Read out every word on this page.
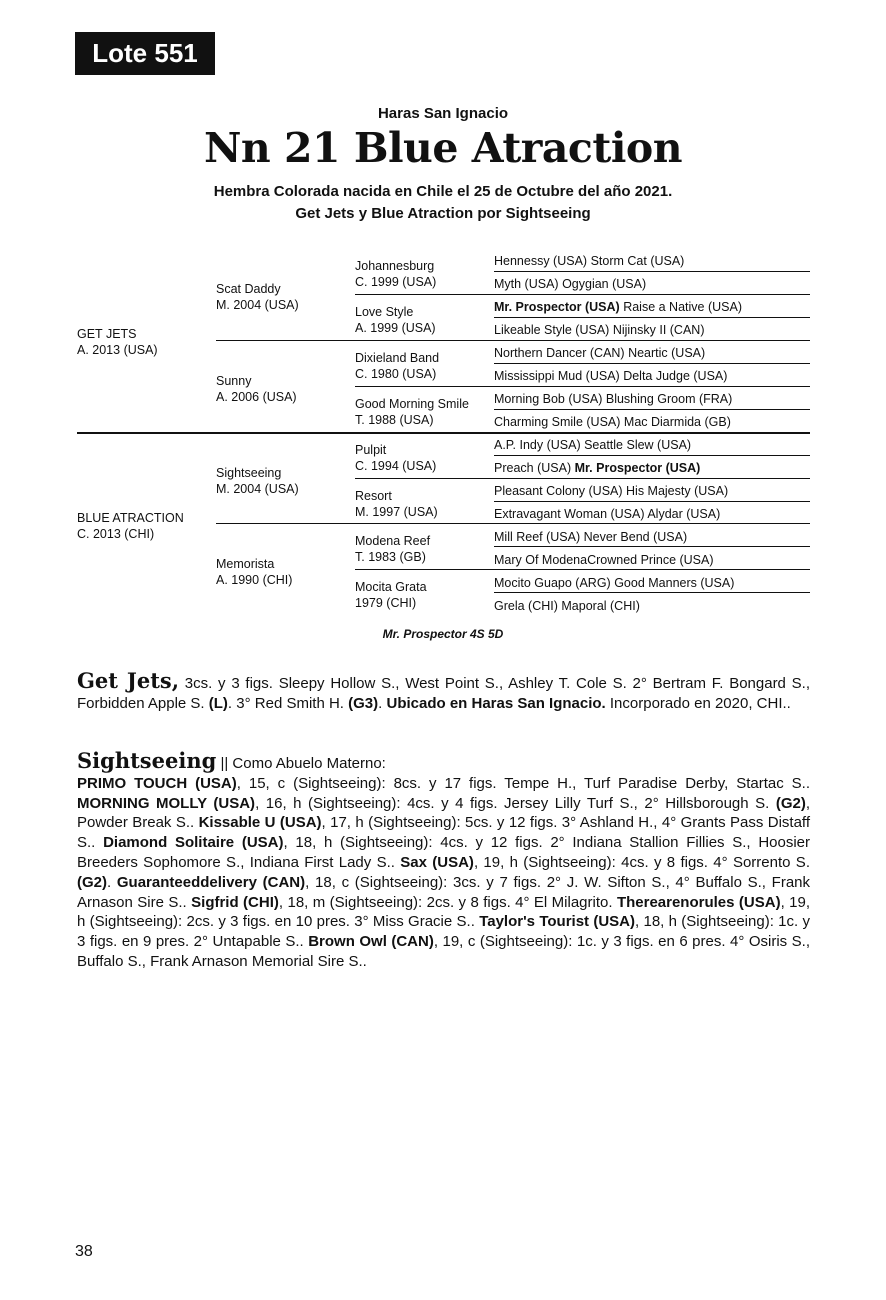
Lote 551
Haras San Ignacio
Nn 21 Blue Atraction
Hembra Colorada nacida en Chile el 25 de Octubre del año 2021.
Get Jets y Blue Atraction por Sightseeing
GET JETS
A. 2013 (USA)
BLUE ATRACTION
C. 2013 (CHI)
Scat Daddy
M. 2004 (USA)
Sunny
A. 2006 (USA)
Sightseeing
M. 2004 (USA)
Memorista
A. 1990 (CHI)
Johannesburg
C. 1999 (USA)
Love Style
A. 1999 (USA)
Dixieland Band
C. 1980 (USA)
Good Morning Smile
T. 1988 (USA)
Pulpit
C. 1994 (USA)
Resort
M. 1997 (USA)
Modena Reef
T. 1983 (GB)
Mocita Grata
1979 (CHI)
Hennessy (USA) Storm Cat (USA)
Myth (USA) Ogygian (USA)
Mr. Prospector (USA) Raise a Native (USA)
Likeable Style (USA) Nijinsky II (CAN)
Northern Dancer (CAN) Neartic (USA)
Mississippi Mud (USA) Delta Judge (USA)
Morning Bob (USA) Blushing Groom (FRA)
Charming Smile (USA) Mac Diarmida (GB)
A.P. Indy (USA) Seattle Slew (USA)
Preach (USA) Mr. Prospector (USA)
Pleasant Colony (USA) His Majesty (USA)
Extravagant Woman (USA) Alydar (USA)
Mill Reef (USA) Never Bend (USA)
Mary Of ModenaCrowned Prince (USA)
Mocito Guapo (ARG) Good Manners (USA)
Grela (CHI) Maporal (CHI)
Mr. Prospector 4S 5D
Get Jets, 3cs. y 3 figs. Sleepy Hollow S., West Point S., Ashley T. Cole S. 2° Bertram F. Bongard S., Forbidden Apple S. (L). 3° Red Smith H. (G3). Ubicado en Haras San Ignacio. Incorporado en 2020, CHI..
Sightseeing || Como Abuelo Materno:
PRIMO TOUCH (USA), 15, c (Sightseeing): 8cs. y 17 figs. Tempe H., Turf Paradise Derby, Startac S.. MORNING MOLLY (USA), 16, h (Sightseeing): 4cs. y 4 figs. Jersey Lilly Turf S., 2° Hillsborough S. (G2), Powder Break S.. Kissable U (USA), 17, h (Sightseeing): 5cs. y 12 figs. 3° Ashland H., 4° Grants Pass Distaff S.. Diamond Solitaire (USA), 18, h (Sightseeing): 4cs. y 12 figs. 2° Indiana Stallion Fillies S., Hoosier Breeders Sophomore S., Indiana First Lady S.. Sax (USA), 19, h (Sightseeing): 4cs. y 8 figs. 4° Sorrento S. (G2). Guaranteeddelivery (CAN), 18, c (Sightseeing): 3cs. y 7 figs. 2° J. W. Sifton S., 4° Buffalo S., Frank Arnason Sire S.. Sigfrid (CHI), 18, m (Sightseeing): 2cs. y 8 figs. 4° El Milagrito. Therearenorules (USA), 19, h (Sightseeing): 2cs. y 3 figs. en 10 pres. 3° Miss Gracie S.. Taylor's Tourist (USA), 18, h (Sightseeing): 1c. y 3 figs. en 9 pres. 2° Untapable S.. Brown Owl (CAN), 19, c (Sightseeing): 1c. y 3 figs. en 6 pres. 4° Osiris S., Buffalo S., Frank Arnason Memorial Sire S..
38
